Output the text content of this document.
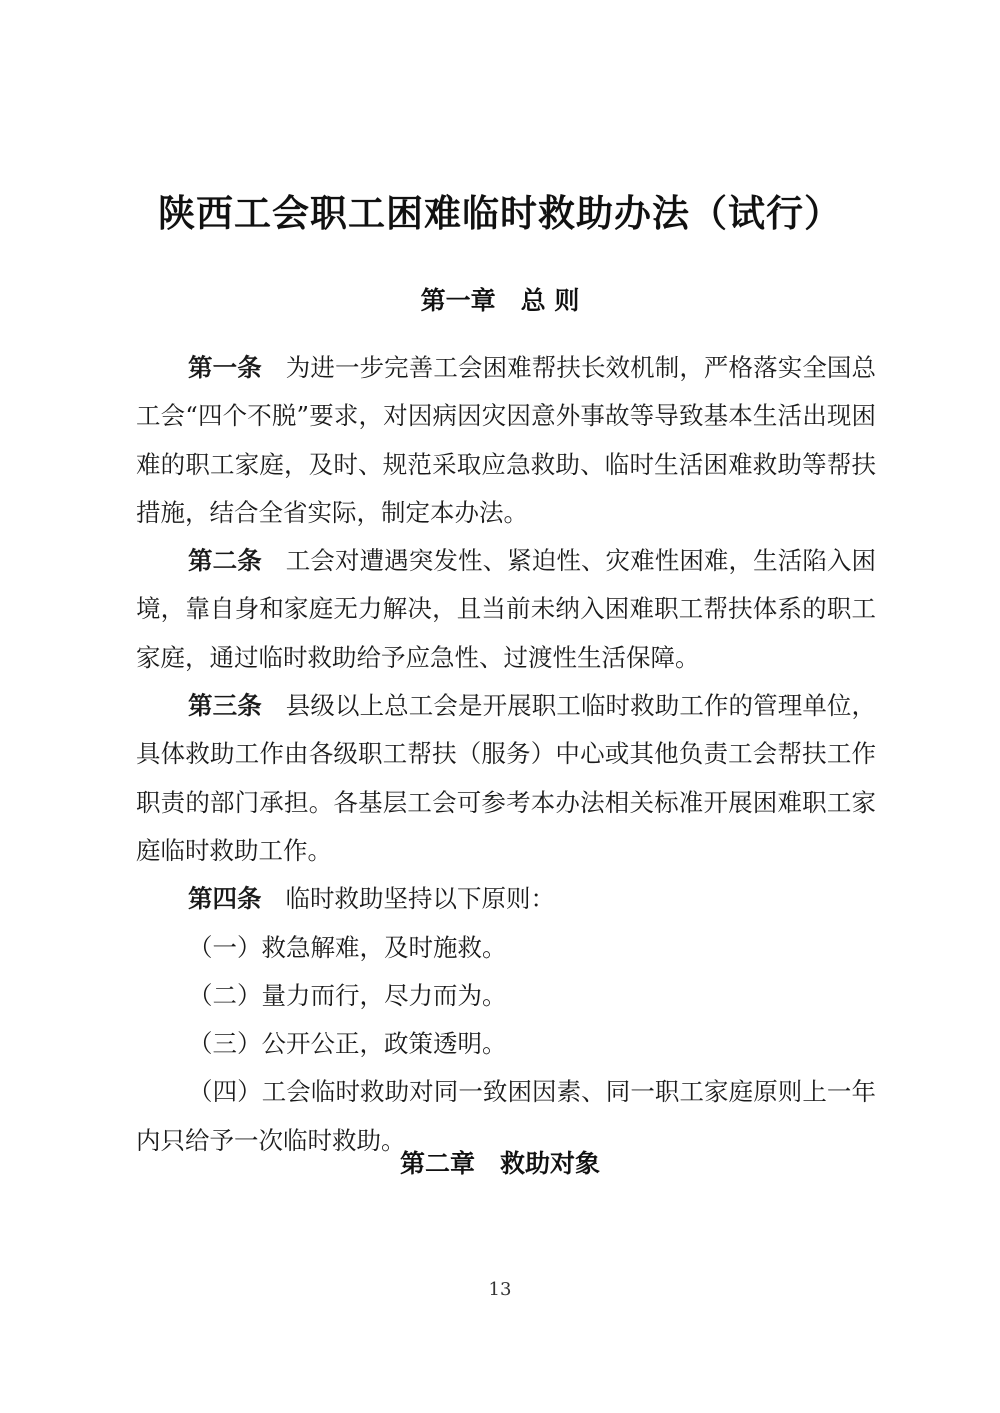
陕西工会职工困难临时救助办法（试行）
第一章　总 则

第一条 为进一步完善工会困难帮扶长效机制，严格落实全国总工会“四个不脱”要求，对因病因灾因意外事故等导致基本生活出现困难的职工家庭，及时、规范采取应急救助、临时生活困难救助等帮扶措施，结合全省实际，制定本办法。

第二条 工会对遭遇突发性、紧迫性、灾难性困难，生活陷入困境，靠自身和家庭无力解决，且当前未纳入困难职工帮扶体系的职工家庭，通过临时救助给予应急性、过渡性生活保障。

第三条 县级以上总工会是开展职工临时救助工作的管理单位，具体救助工作由各级职工帮扶（服务）中心或其他负责工会帮扶工作职责的部门承担。各基层工会可参考本办法相关标准开展困难职工家庭临时救助工作。

第四条 临时救助坚持以下原则：

（一）救急解难，及时施救。

（二）量力而行，尽力而为。

（三）公开公正，政策透明。

（四）工会临时救助对同一致困因素、同一职工家庭原则上一年内只给予一次临时救助。

第二章　救助对象
13
